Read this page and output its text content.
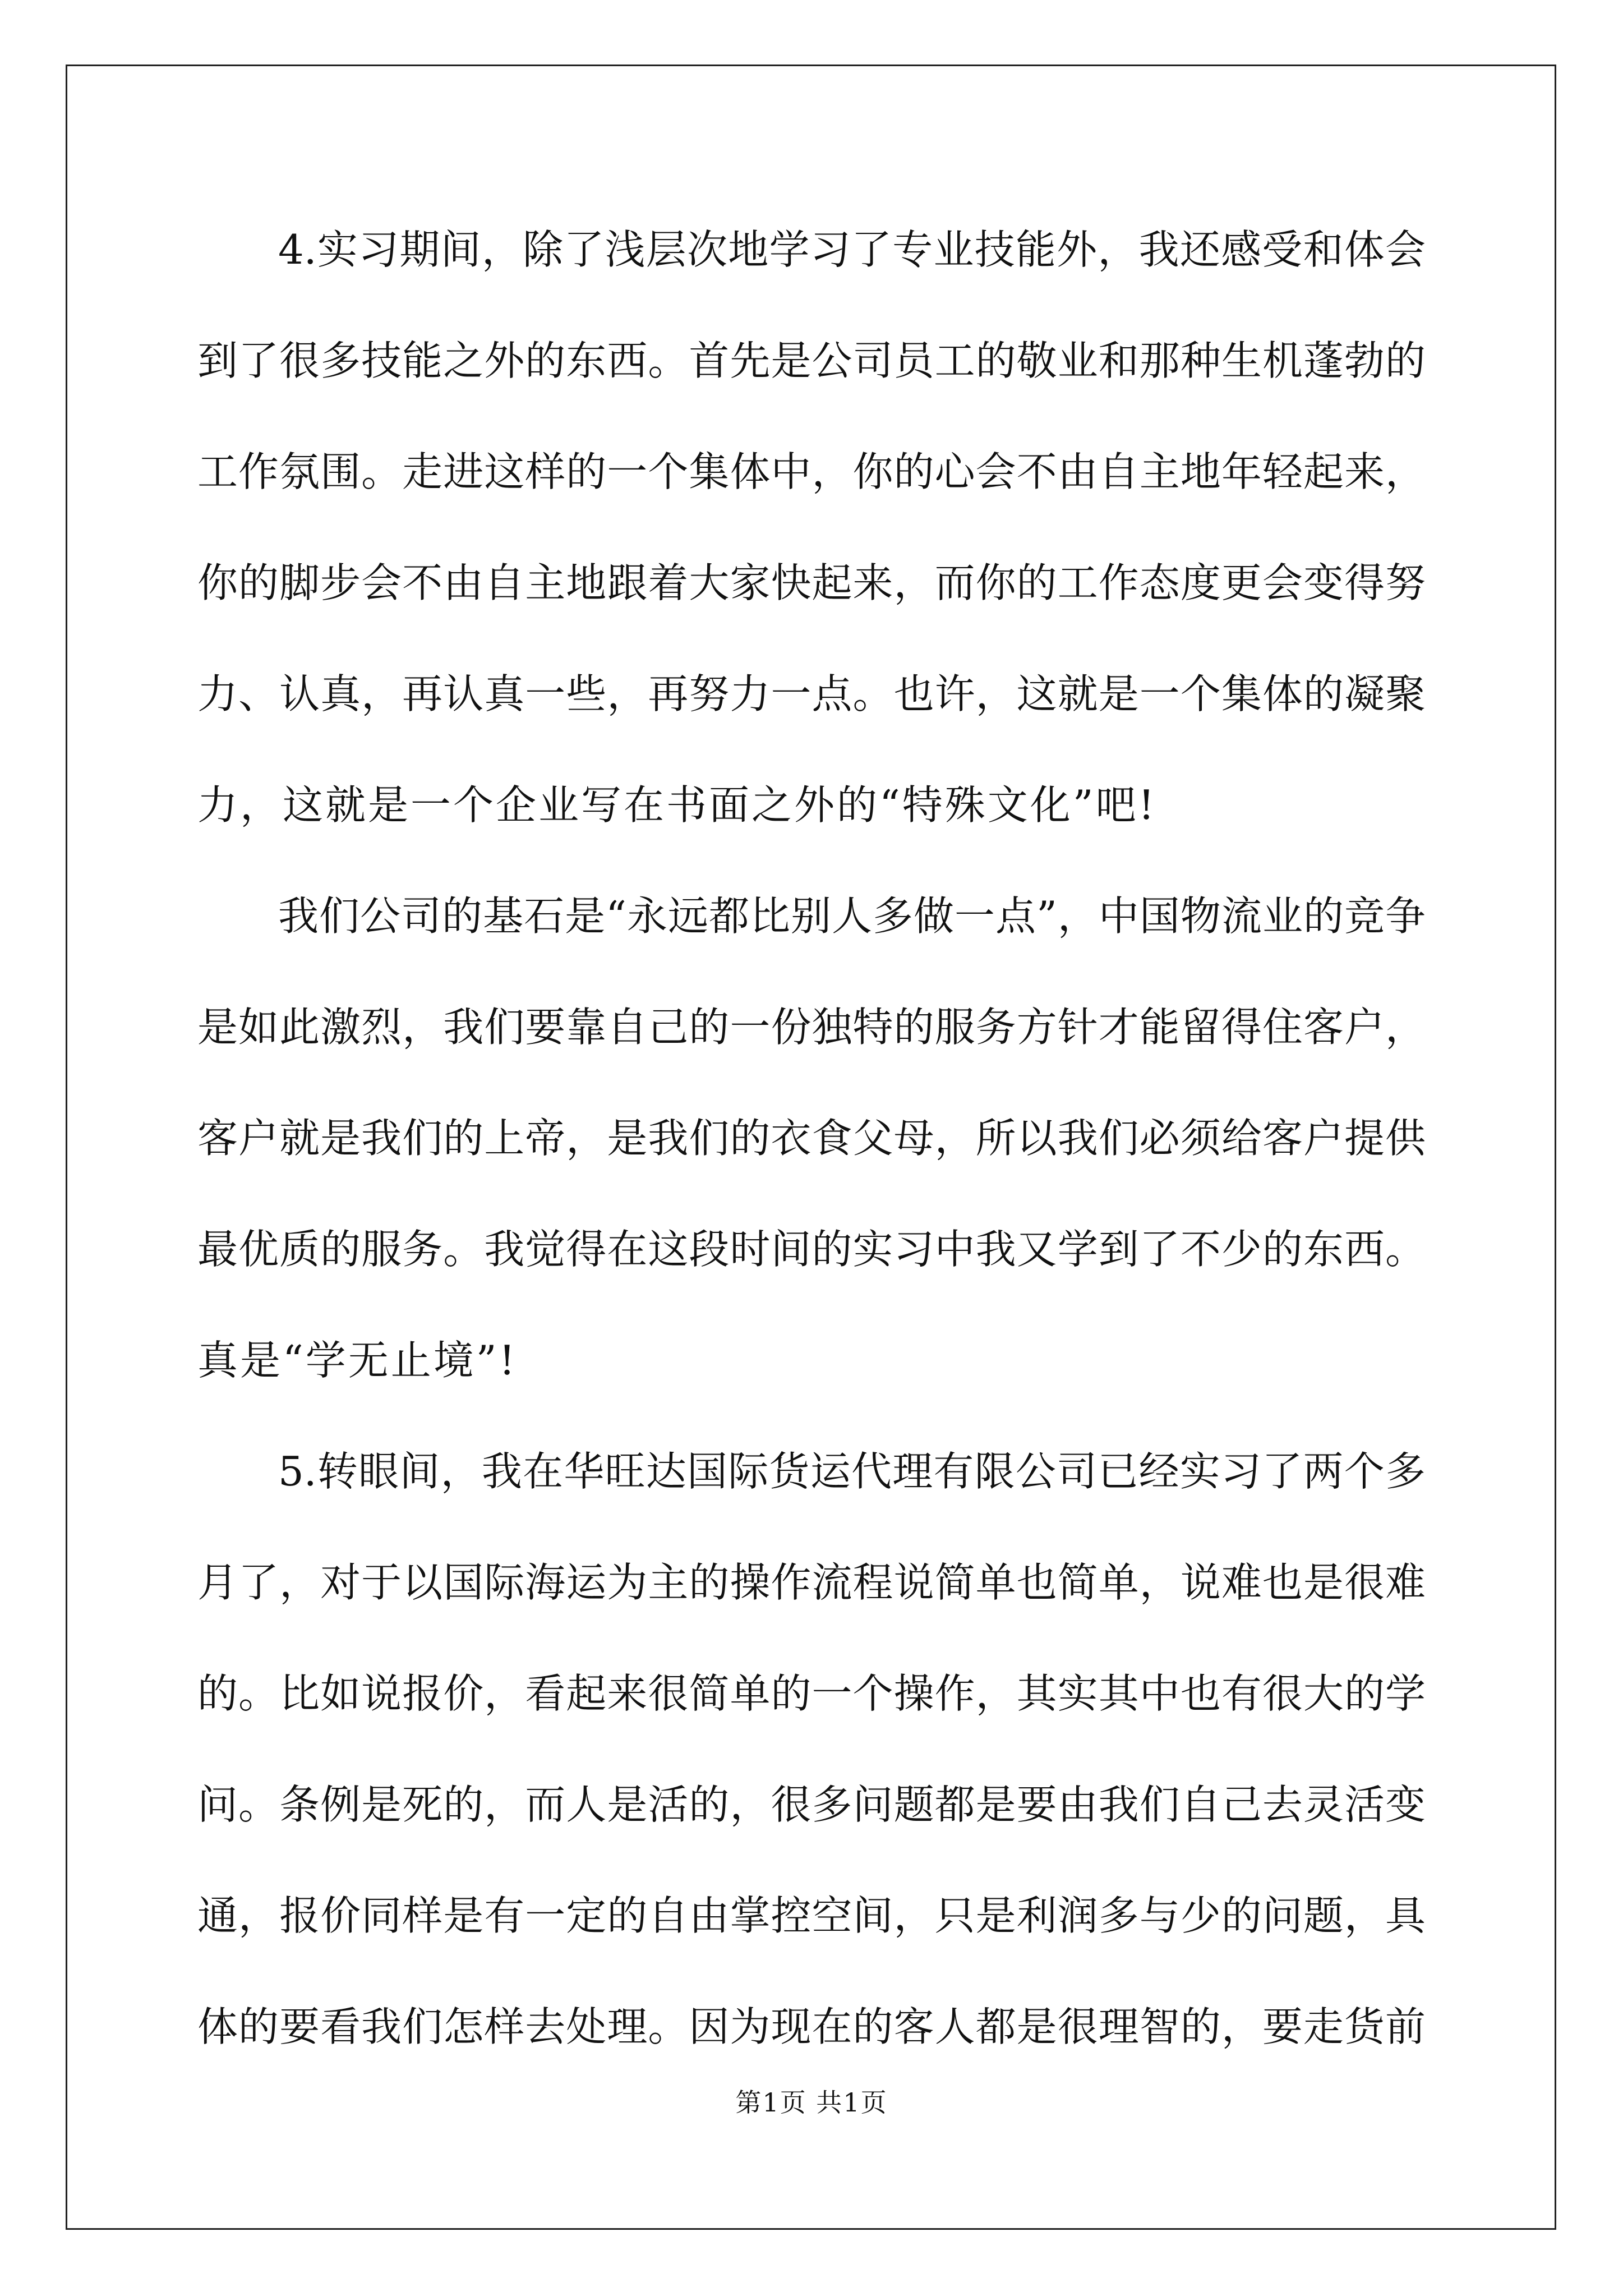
4.实习期间，除了浅层次地学习了专业技能外，我还感受和体会
到了很多技能之外的东西。首先是公司员工的敬业和那种生机蓬勃的
工作氛围。走进这样的一个集体中，你的心会不由自主地年轻起来，
你的脚步会不由自主地跟着大家快起来，而你的工作态度更会变得努
力、认真，再认真一些，再努力一点。也许，这就是一个集体的凝聚
力，这就是一个企业写在书面之外的“特殊文化”吧!
我们公司的基石是“永远都比别人多做一点”，中国物流业的竞争
是如此激烈，我们要靠自己的一份独特的服务方针才能留得住客户，
客户就是我们的上帝，是我们的衣食父母，所以我们必须给客户提供
最优质的服务。我觉得在这段时间的实习中我又学到了不少的东西。
真是“学无止境”!
5.转眼间，我在华旺达国际货运代理有限公司已经实习了两个多
月了，对于以国际海运为主的操作流程说简单也简单，说难也是很难
的。比如说报价，看起来很简单的一个操作，其实其中也有很大的学
问。条例是死的，而人是活的，很多问题都是要由我们自己去灵活变
通，报价同样是有一定的自由掌控空间，只是利润多与少的问题，具
体的要看我们怎样去处理。因为现在的客人都是很理智的，要走货前
第1页 共1页
